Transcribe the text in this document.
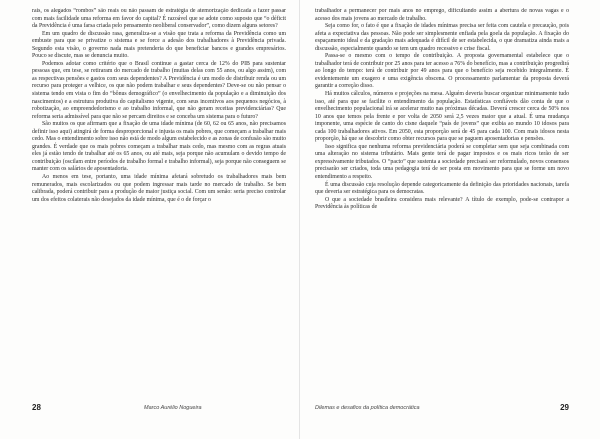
rais, os alegados “rombos” são reais ou não passam de estratégia de atemorização dedicada a fazer passar com mais facilidade uma reforma em favor do capital? É razoável que se adote como suposto que “o déficit da Previdência é uma farsa criada pelo pensamento neoliberal conservador”, como dizem alguns setores?

Em um quadro de discussão rasa, generaliza-se a visão que trata a reforma da Previdência como um embuste para que se privatize o sistema e se force a adesão dos trabalhadores à Previdência privada. Segundo esta visão, o governo nada mais pretenderia do que beneficiar bancos e grandes empresários. Pouco se discute, mas se denuncia muito.

Podemos adotar como critério que o Brasil continue a gastar cerca de 12% do PIB para sustentar pessoas que, em tese, se retiraram do mercado de trabalho (muitas delas com 55 anos, ou algo assim), com as respectivas pensões e gastos com seus dependentes? A Previdência é um modo de distribuir renda ou um recurso para proteger a velhice, os que não podem trabalhar e seus dependentes? Deve-se ou não pensar o sistema tendo em vista o fim do “bônus demográfico” (o envelhecimento da população e a diminuição dos nascimentos) e a estrutura produtiva do capitalismo vigente, com seus incentivos aos pequenos negócios, à robotização, ao empreendedorismo e ao trabalho informal, que não geram receitas previdenciárias? Que reforma seria admissível para que não se percam direitos e se conceba um sistema para o futuro?

São muitos os que afirmam que a fixação de uma idade mínima (de 60, 62 ou 65 anos, não precisamos definir isso aqui) atingirá de forma desproporcional e injusta os mais pobres, que começam a trabalhar mais cedo. Mas o entendimento sobre isso não está de modo algum estabelecido e as zonas de confusão são muito grandes. É verdade que os mais pobres começam a trabalhar mais cedo, mas mesmo com as regras atuais eles já estão tendo de trabalhar até os 65 anos, ou até mais, seja porque não acumulam o devido tempo de contribuição (oscilam entre períodos de trabalho formal e trabalho informal), seja porque não conseguem se manter com os salários de aposentadoria.

Ao menos em tese, portanto, uma idade mínima afetará sobretudo os trabalhadores mais bem remunerados, mais escolarizados ou que podem ingressar mais tarde no mercado de trabalho. Se bem calibrada, poderá contribuir para a produção de maior justiça social. Com um senão: seria preciso controlar um dos efeitos colaterais não desejados da idade mínima, que é o de forçar o

28	Marco Aurélio Nogueira

trabalhador a permanecer por mais anos no emprego, dificultando assim a abertura de novas vagas e o acesso dos mais jovens ao mercado de trabalho.

Seja como for, o fato é que a fixação de idades mínimas precisa ser feita com cautela e precaução, pois afeta a expectativa das pessoas. Não pode ser simplesmente enfiada pela goela da população. A fixação do espaçamento ideal e da gradação mais adequada é difícil de ser estabelecida, o que dramatiza ainda mais a discussão, especialmente quando se tem um quadro recessivo e crise fiscal.

Passa-se o mesmo com o tempo de contribuição. A proposta governamental estabelece que o trabalhador terá de contribuir por 25 anos para ter acesso a 76% do benefício, mas a contribuição progredirá ao longo do tempo: terá de contribuir por 49 anos para que o benefício seja recebido integralmente. É evidentemente um exagero e uma exigência obscena. O processamento parlamentar da proposta deverá garantir a correção disso.

Há muitos cálculos, números e projeções na mesa. Alguém deveria buscar organizar minimamente tudo isso, até para que se facilite o entendimento da população. Estatísticas confiáveis dão conta de que o envelhecimento populacional irá se acelerar muito nas próximas décadas. Deverá crescer cerca de 50% nos 10 anos que temos pela frente e por volta de 2050 será 2,5 vezes maior que a atual. É uma mudança imponente, uma espécie de canto do cisne daquele “país de jovens” que exibia ao mundo 10 idosos para cada 100 trabalhadores ativos. Em 2050, esta proporção será de 45 para cada 100. Com mais idosos nesta proporção, há que se descobrir como obter recursos para que se paguem aposentadorias e pensões.

Isso significa que nenhuma reforma previdenciária poderá se completar sem que seja combinada com uma alteração no sistema tributário. Mais gente terá de pagar impostos e os mais ricos terão de ser expressivamente tributados. O “pacto” que sustenta a sociedade precisará ser reformulado, novos consensos precisarão ser criados, toda uma pedagogia terá de ser posta em movimento para que se forme um novo entendimento a respeito.

É uma discussão cuja resolução depende categoricamente da definição das prioridades nacionais, tarefa que deveria ser estratégica para os democratas.

O que a sociedade brasileira considera mais relevante? A título de exemplo, pode-se contrapor a Previdência às políticas de

Dilemas e desafios da política democrática	29
